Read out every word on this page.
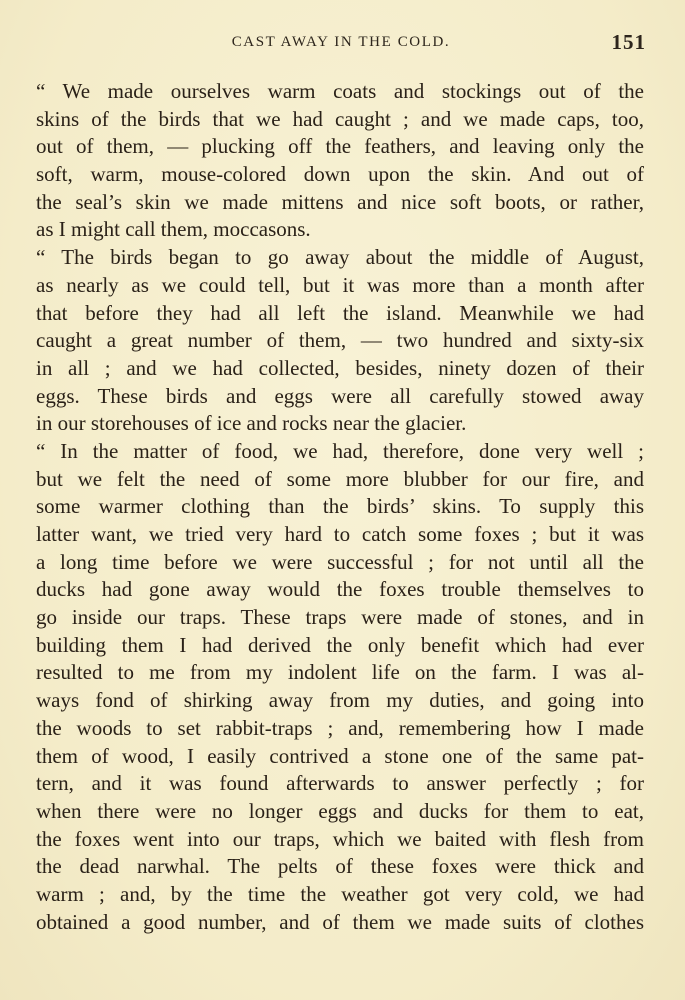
CAST AWAY IN THE COLD.	151
“ We made ourselves warm coats and stockings out of the
skins of the birds that we had caught ; and we made caps, too,
out of them, — plucking off the feathers, and leaving only the
soft, warm, mouse-colored down upon the skin. And out of
the seal’s skin we made mittens and nice soft boots, or rather,
as I might call them, moccasons.
“ The birds began to go away about the middle of August,
as nearly as we could tell, but it was more than a month after
that before they had all left the island. Meanwhile we had
caught a great number of them, — two hundred and sixty-six
in all ; and we had collected, besides, ninety dozen of their
eggs. These birds and eggs were all carefully stowed away
in our storehouses of ice and rocks near the glacier.
“ In the matter of food, we had, therefore, done very well ;
but we felt the need of some more blubber for our fire, and
some warmer clothing than the birds’ skins. To supply this
latter want, we tried very hard to catch some foxes ; but it was
a long time before we were successful ; for not until all the
ducks had gone away would the foxes trouble themselves to
go inside our traps. These traps were made of stones, and in
building them I had derived the only benefit which had ever
resulted to me from my indolent life on the farm. I was al-
ways fond of shirking away from my duties, and going into
the woods to set rabbit-traps ; and, remembering how I made
them of wood, I easily contrived a stone one of the same pat-
tern, and it was found afterwards to answer perfectly ; for
when there were no longer eggs and ducks for them to eat,
the foxes went into our traps, which we baited with flesh from
the dead narwhal. The pelts of these foxes were thick and
warm ; and, by the time the weather got very cold, we had
obtained a good number, and of them we made suits of clothes
